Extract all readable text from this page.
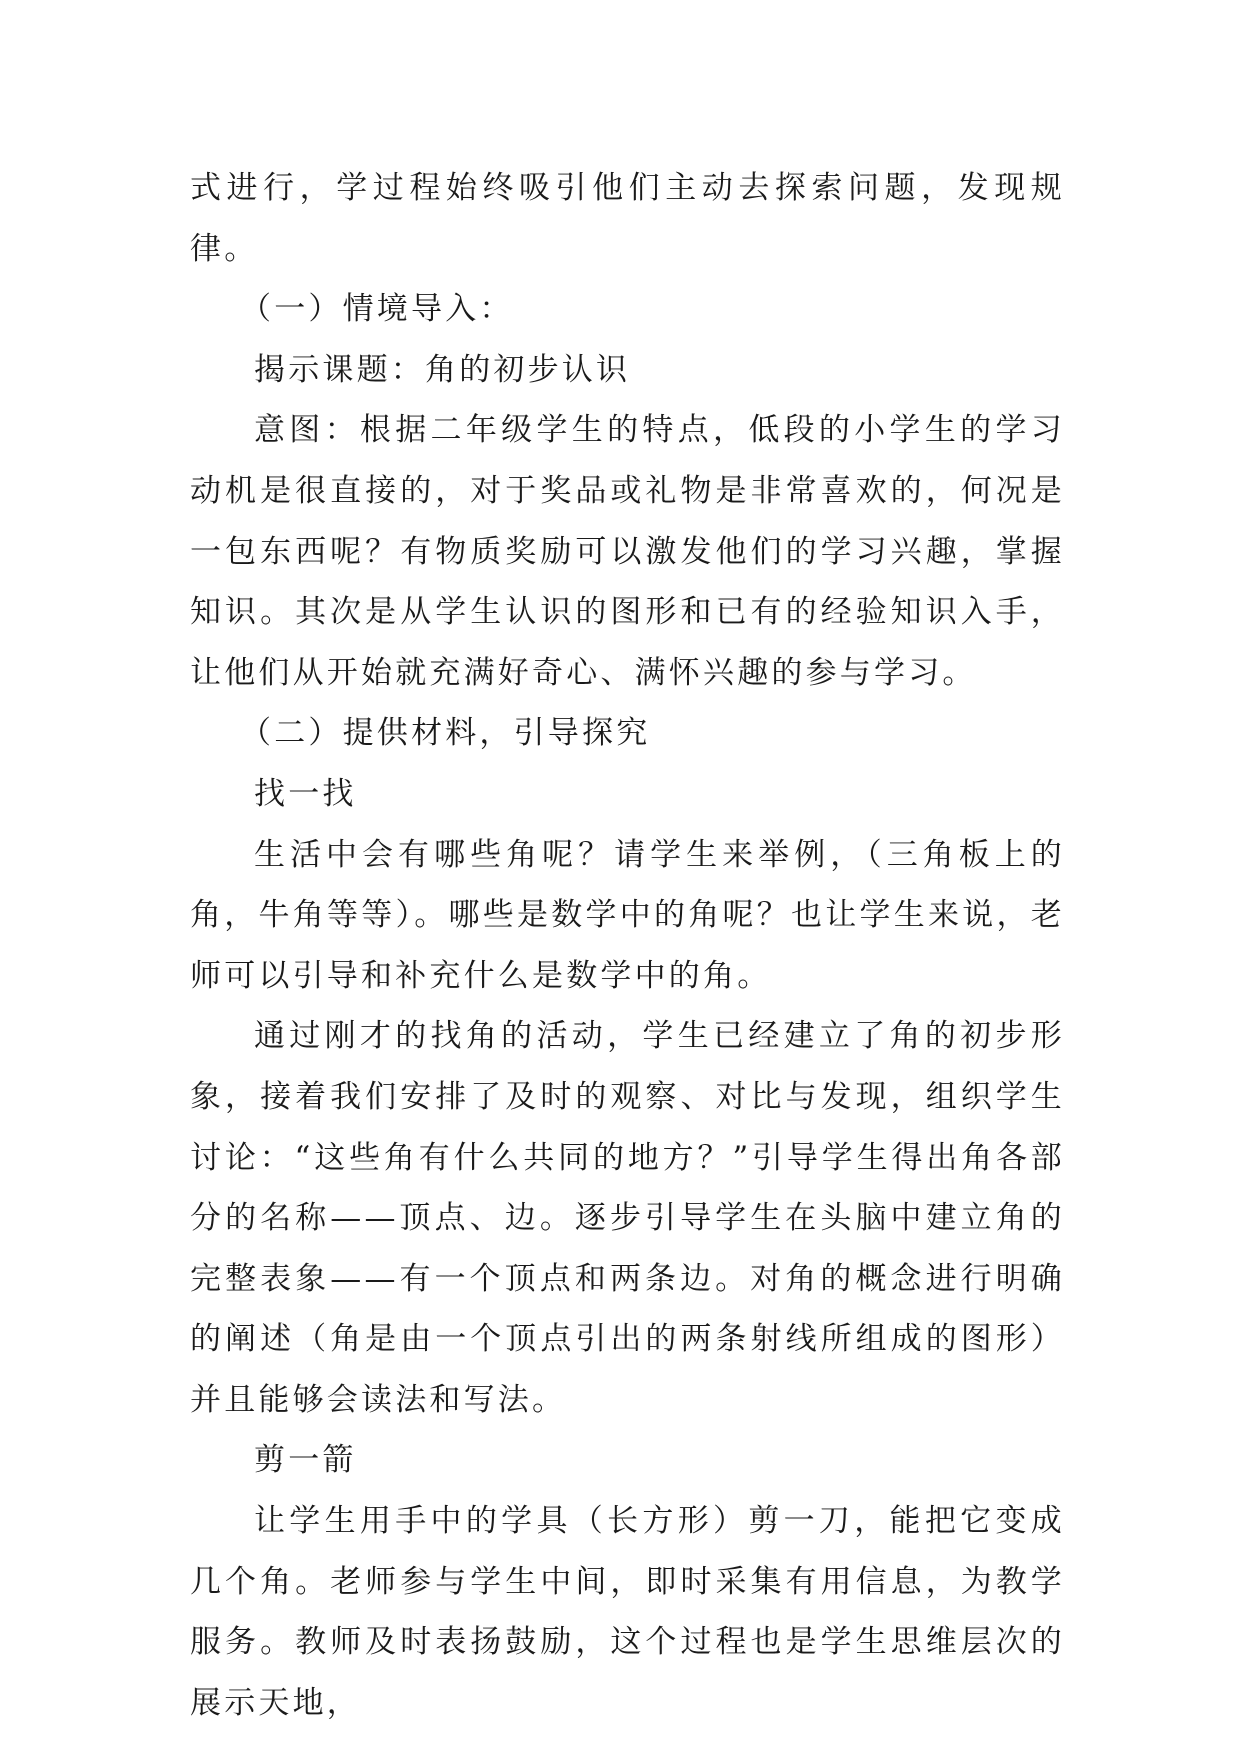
式进行，学过程始终吸引他们主动去探索问题，发现规律。

（一）情境导入：

揭示课题：角的初步认识

意图：根据二年级学生的特点，低段的小学生的学习动机是很直接的，对于奖品或礼物是非常喜欢的，何况是一包东西呢？有物质奖励可以激发他们的学习兴趣，掌握知识。其次是从学生认识的图形和已有的经验知识入手，让他们从开始就充满好奇心、满怀兴趣的参与学习。

（二）提供材料，引导探究

找一找

生活中会有哪些角呢？请学生来举例，（三角板上的角，牛角等等）。哪些是数学中的角呢？也让学生来说，老师可以引导和补充什么是数学中的角。

通过刚才的找角的活动，学生已经建立了角的初步形象，接着我们安排了及时的观察、对比与发现，组织学生讨论：“这些角有什么共同的地方？”引导学生得出角各部分的名称——顶点、边。逐步引导学生在头脑中建立角的完整表象——有一个顶点和两条边。对角的概念进行明确的阐述（角是由一个顶点引出的两条射线所组成的图形）并且能够会读法和写法。

剪一箭

让学生用手中的学具（长方形）剪一刀，能把它变成几个角。老师参与学生中间，即时采集有用信息，为教学服务。教师及时表扬鼓励，这个过程也是学生思维层次的展示天地，
